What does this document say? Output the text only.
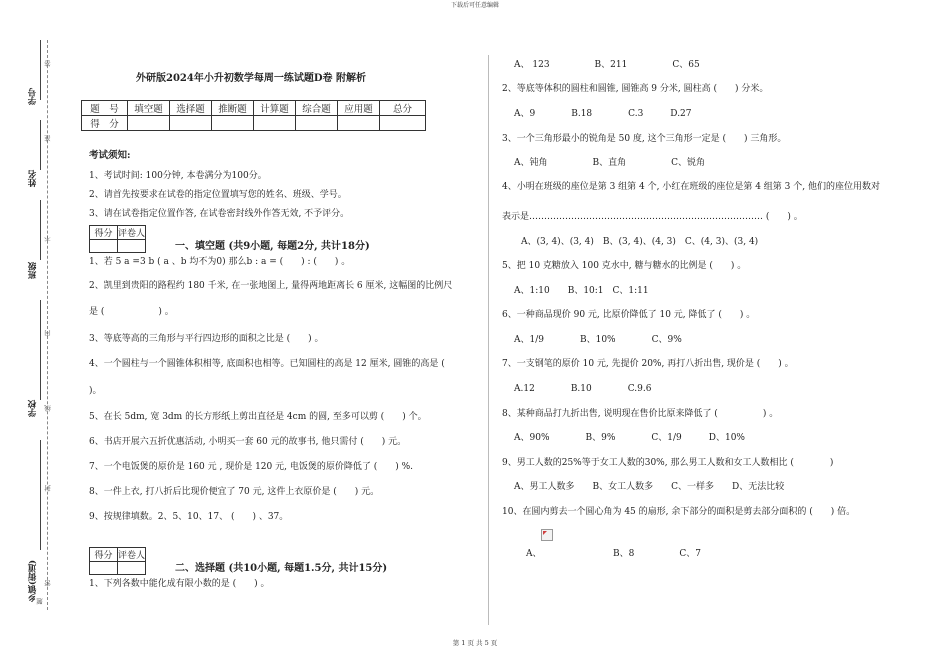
下载后可任意编辑
学号
姓名
班级
学校
乡镇(街道)
答
准
不
内
线
封
密
题
外研版2024年小升初数学每周一练试题D卷 附解析
题　号	填空题	选择题	推断题	计算题	综合题	应用题	总分
得　分							
考试须知:
1、考试时间: 100分钟, 本卷满分为100分。
2、请首先按要求在试卷的指定位置填写您的姓名、班级、学号。
3、请在试卷指定位置作答, 在试卷密封线外作答无效, 不予评分。
得分	评卷人

一、填空题 (共9小题, 每题2分, 共计18分)
1、若 5 a =3 b ( a 、b 均不为0) 那么b : a = (　　) : (　　) 。
2、凯里到贵阳的路程约 180 千米, 在一张地图上, 量得两地距离长 6 厘米, 这幅图的比例尺
是 (　　　　　　) 。
3、等底等高的三角形与平行四边形的面积之比是 (　　) 。
4、一个圆柱与一个圆锥体积相等, 底面积也相等。已知圆柱的高是 12 厘米, 圆锥的高是 (
)。
5、在长 5dm, 宽 3dm 的长方形纸上剪出直径是 4cm 的圆, 至多可以剪 (　　) 个。
6、书店开展六五折优惠活动, 小明买一套 60 元的故事书, 他只需付 (　　) 元。
7、一个电饭煲的原价是 160 元 , 现价是 120 元, 电饭煲的原价降低了 (　　) %.
8、一件上衣, 打八折后比现价便宜了 70 元, 这件上衣原价是 (　　) 元。
9、按规律填数。2、5、10、17、 (　　) 、37。
得分	评卷人

二、选择题 (共10小题, 每题1.5分, 共计15分)
1、下列各数中能化成有限小数的是 (　　) 。
A、 123　　　　　B、211　　　　　C、65
2、等底等体积的圆柱和圆锥, 圆锥高 9 分米, 圆柱高 (　　) 分米。
A、9　　　　B.18　　　　C.3　　　D.27
3、一个三角形最小的锐角是 50 度, 这个三角形一定是 (　　) 三角形。
A、钝角　　　　　B、直角　　　　　C、锐角
4、小明在班级的座位是第 3 组第 4 个, 小红在班级的座位是第 4 组第 3 个, 他们的座位用数对
表示是…………………………………………………………………… (　　) 。
A、(3, 4)、(3, 4)　B、(3, 4)、(4, 3)　C、(4, 3)、(3, 4)
5、把 10 克糖放入 100 克水中, 糖与糖水的比例是 (　　) 。
A、1:10　　B、10:1　C、1:11
6、一种商品现价 90 元, 比原价降低了 10 元, 降低了 (　　) 。
A、1/9　　　　B、10%　　　　C、9%
7、一支钢笔的原价 10 元, 先提价 20%, 再打八折出售, 现价是 (　　) 。
A.12　　　　B.10　　　　C.9.6
8、某种商品打九折出售, 说明现在售价比原来降低了 (　　　　　) 。
A、90%　　　　B、9%　　　　C、1/9　　　D、10%
9、男工人数的25%等于女工人数的30%, 那么男工人数和女工人数相比 (　　　　)
A、男工人数多　　B、女工人数多　　C、一样多　　D、无法比较
10、在圆内剪去一个圆心角为 45 的扇形, 余下部分的面积是剪去部分面积的 (　　) 倍。
A、	B、8　　　　　C、7
第 1 页 共 5 页
